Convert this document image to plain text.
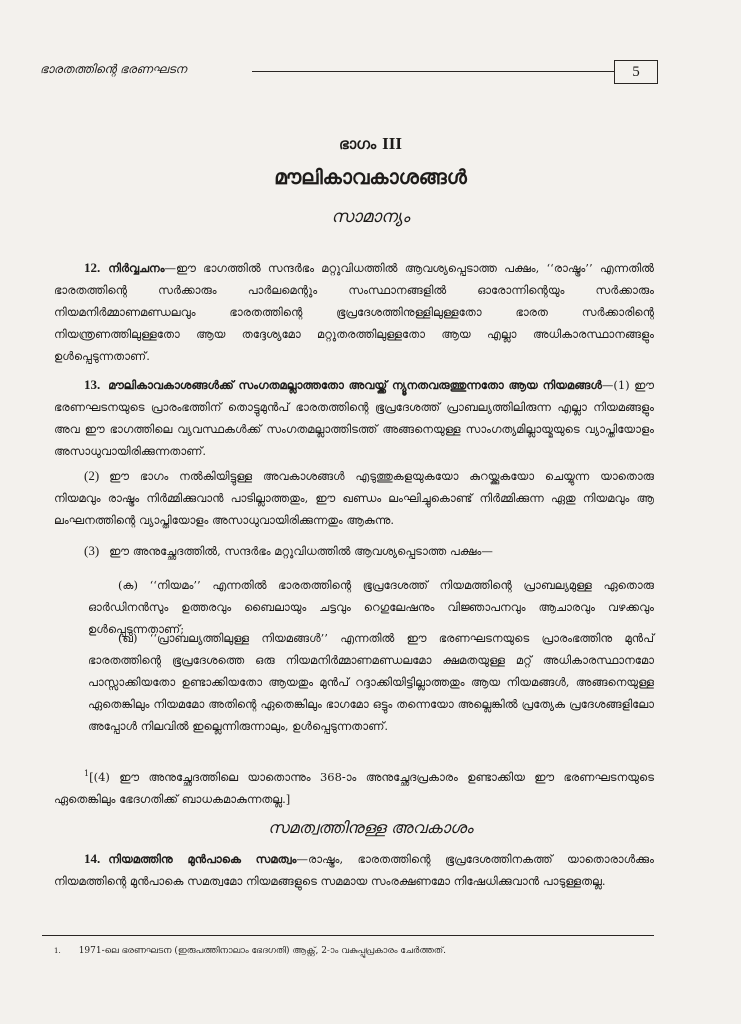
ഭാരതത്തിന്റെ ഭരണഘടന	5
ഭാഗം III
മൗലികാവകാശങ്ങൾ
സാമാന്യം
12. നിർവ്വചനം—ഈ ഭാഗത്തിൽ സന്ദർഭം മറ്റുവിധത്തിൽ ആവശ്യപ്പെടാത്ത പക്ഷം, ‘‘രാഷ്ട്രം’’ എന്നതിൽ ഭാരതത്തിന്റെ സർക്കാരും പാർലമെന്റും സംസ്ഥാനങ്ങളിൽ ഓരോന്നിന്റെയും സർക്കാരും നിയമനിർമ്മാണമണ്ഡലവും ഭാരതത്തിന്റെ ഭൂപ്രദേശത്തിനുള്ളിലുള്ളതോ ഭാരത സർക്കാരിന്റെ നിയന്ത്രണത്തിലുള്ളതോ ആയ തദ്ദേശ്യമോ മറ്റുതരത്തിലുള്ളതോ ആയ എല്ലാ അധികാരസ്ഥാനങ്ങളും ഉൾപ്പെടുന്നതാണ്.
13. മൗലികാവകാശങ്ങൾക്ക് സംഗതമല്ലാത്തതോ അവയ്ക്ക് ന്യൂനതവരുത്തുന്നതോ ആയ നിയമങ്ങൾ—(1) ഈ ഭരണഘടനയുടെ പ്രാരംഭത്തിന് തൊട്ടുമുൻപ് ഭാരതത്തിന്റെ ഭൂപ്രദേശത്ത് പ്രാബല്യത്തിലിരുന്ന എല്ലാ നിയമങ്ങളും അവ ഈ ഭാഗത്തിലെ വ്യവസ്ഥകൾക്ക് സംഗതമല്ലാത്തിടത്ത് അങ്ങനെയുള്ള സാംഗത്യമില്ലായ്മയുടെ വ്യാപ്തിയോളം അസാധുവായിരിക്കുന്നതാണ്.
(2) ഈ ഭാഗം നൽകിയിട്ടുള്ള അവകാശങ്ങൾ എടുത്തുകളയുകയോ കുറയ്ക്കുകയോ ചെയ്യുന്ന യാതൊരു നിയമവും രാഷ്ട്രം നിർമ്മിക്കുവാൻ പാടില്ലാത്തതും, ഈ ഖണ്ഡം ലംഘിച്ചുകൊണ്ട് നിർമ്മിക്കുന്ന ഏതു നിയമവും ആ ലംഘനത്തിന്റെ വ്യാപ്തിയോളം അസാധുവായിരിക്കുന്നതും ആകുന്നു.
(3) ഈ അനുച്ഛേദത്തിൽ, സന്ദർഭം മറ്റുവിധത്തിൽ ആവശ്യപ്പെടാത്ത പക്ഷം—
(ക) ‘‘നിയമം’’ എന്നതിൽ ഭാരതത്തിന്റെ ഭൂപ്രദേശത്ത് നിയമത്തിന്റെ പ്രാബല്യമുള്ള ഏതൊരു ഓർഡിനൻസും ഉത്തരവും ബൈലായും ചട്ടവും റെഗുലേഷനും വിജ്ഞാപനവും ആചാരവും വഴക്കവും ഉൾപ്പെടുന്നതാണ്;
(ഖ) ‘‘പ്രാബല്യത്തിലുള്ള നിയമങ്ങൾ’’ എന്നതിൽ ഈ ഭരണഘടനയുടെ പ്രാരംഭത്തിനു മുൻപ് ഭാരതത്തിന്റെ ഭൂപ്രദേശത്തെ ഒരു നിയമനിർമ്മാണമണ്ഡലമോ ക്ഷമതയുള്ള മറ്റ് അധികാരസ്ഥാനമോ പാസ്സാക്കിയതോ ഉണ്ടാക്കിയതോ ആയതും മുൻപ് റദ്ദാക്കിയിട്ടില്ലാത്തതും ആയ നിയമങ്ങൾ, അങ്ങനെയുള്ള ഏതെങ്കിലും നിയമമോ അതിന്റെ ഏതെങ്കിലും ഭാഗമോ ഒട്ടും തന്നെയോ അല്ലെങ്കിൽ പ്രത്യേക പ്രദേശങ്ങളിലോ അപ്പോൾ നിലവിൽ ഇല്ലെന്നിരുന്നാലും, ഉൾപ്പെടുന്നതാണ്.
$^1$[(4) ഈ അനുച്ഛേദത്തിലെ യാതൊന്നും 368-ാം അനുച്ഛേദപ്രകാരം ഉണ്ടാക്കിയ ഈ ഭരണഘടനയുടെ ഏതെങ്കിലും ഭേദഗതിക്ക് ബാധകമാകുന്നതല്ല.]
സമത്വത്തിനുള്ള അവകാശം
14. നിയമത്തിനു മുൻപാകെ സമത്വം—രാഷ്ട്രം, ഭാരതത്തിന്റെ ഭൂപ്രദേശത്തിനകത്ത് യാതൊരാൾക്കും നിയമത്തിന്റെ മുൻപാകെ സമത്വമോ നിയമങ്ങളുടെ സമമായ സംരക്ഷണമോ നിഷേധിക്കുവാൻ പാടുള്ളതല്ല.
$^{1.}$ 1971-ലെ ഭരണഘടന (ഇരുപത്തിനാലാം ഭേദഗതി) ആക്റ്റ്, 2-ാം വകുപ്പുപ്രകാരം ചേർത്തത്.
